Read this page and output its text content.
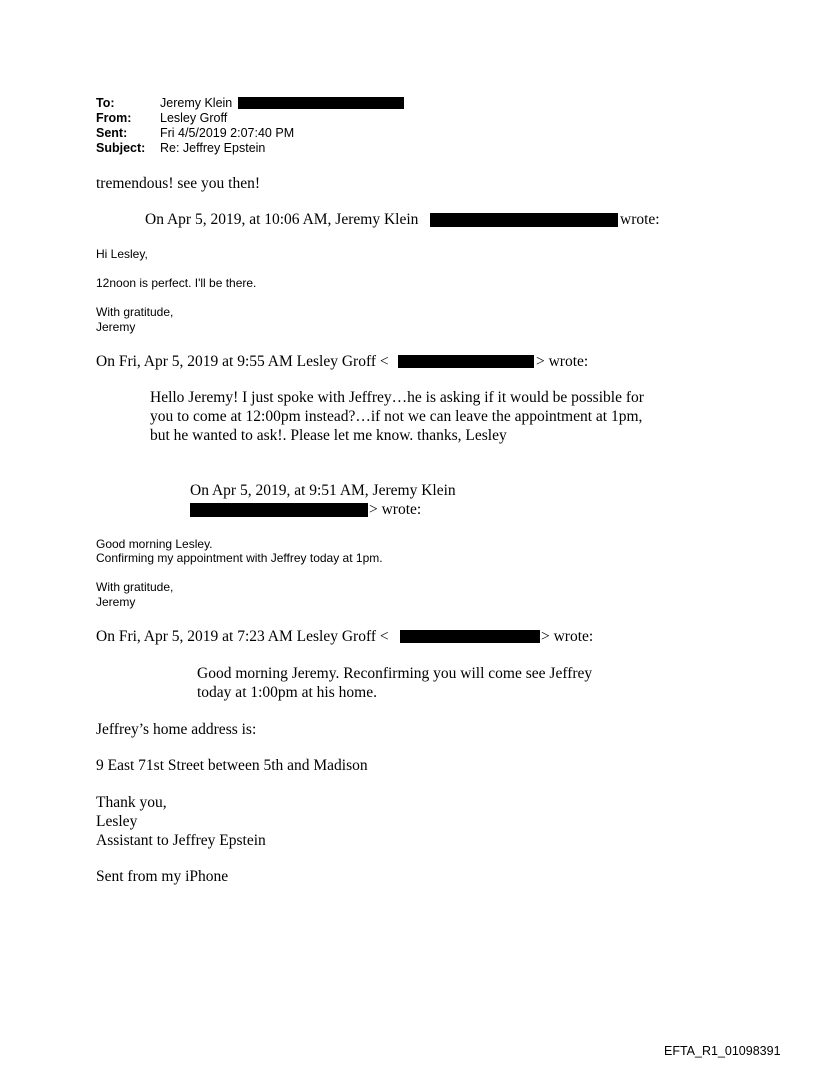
To:	Jeremy Klein
From: Lesley Groff
Sent:	Fri 4/5/2019 2:07:40 PM
Subject: Re: Jeffrey Epstein
tremendous! see you then!
On Apr 5, 2019, at 10:06 AM, Jeremy Klein	wrote:
Hi Lesley,
12noon is perfect. I'll be there.
With gratitude,
Jeremy
On Fri, Apr 5, 2019 at 9:55 AM Lesley Groff <	> wrote:
Hello Jeremy! I just spoke with Jeffrey…he is asking if it would be possible for
you to come at 12:00pm instead?…if not we can leave the appointment at 1pm,
but he wanted to ask!. Please let me know. thanks, Lesley
On Apr 5, 2019, at 9:51 AM, Jeremy Klein
> wrote:
Good morning Lesley.
Confirming my appointment with Jeffrey today at 1pm.
With gratitude,
Jeremy
On Fri, Apr 5, 2019 at 7:23 AM Lesley Groff <	> wrote:
Good morning Jeremy. Reconfirming you will come see Jeffrey
today at 1:00pm at his home.
Jeffrey’s home address is:
9 East 71st Street between 5th and Madison
Thank you,
Lesley
Assistant to Jeffrey Epstein
Sent from my iPhone
EFTA_R1_01098391
